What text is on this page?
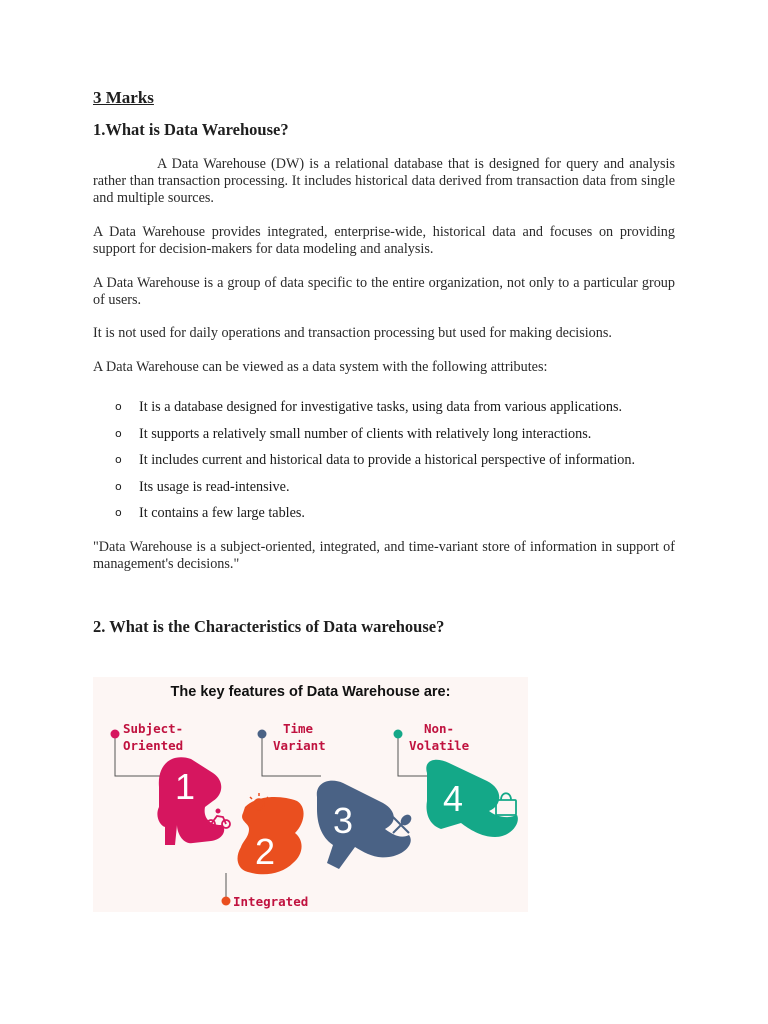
3 Marks
1.What is Data Warehouse?

A Data Warehouse (DW) is a relational database that is designed for query and analysis rather than transaction processing. It includes historical data derived from transaction data from single and multiple sources.

A Data Warehouse provides integrated, enterprise-wide, historical data and focuses on providing support for decision-makers for data modeling and analysis.

A Data Warehouse is a group of data specific to the entire organization, not only to a particular group of users.

It is not used for daily operations and transaction processing but used for making decisions.

A Data Warehouse can be viewed as a data system with the following attributes:

o It is a database designed for investigative tasks, using data from various applications.
o It supports a relatively small number of clients with relatively long interactions.
o It includes current and historical data to provide a historical perspective of information.
o Its usage is read-intensive.
o It contains a few large tables.

"Data Warehouse is a subject-oriented, integrated, and time-variant store of information in support of management's decisions."

2. What is the Characteristics of Data warehouse?
The key features of Data Warehouse are:
1
2
3
4
Subject-
Oriented
Time
Variant
Non-
Volatile
Integrated
